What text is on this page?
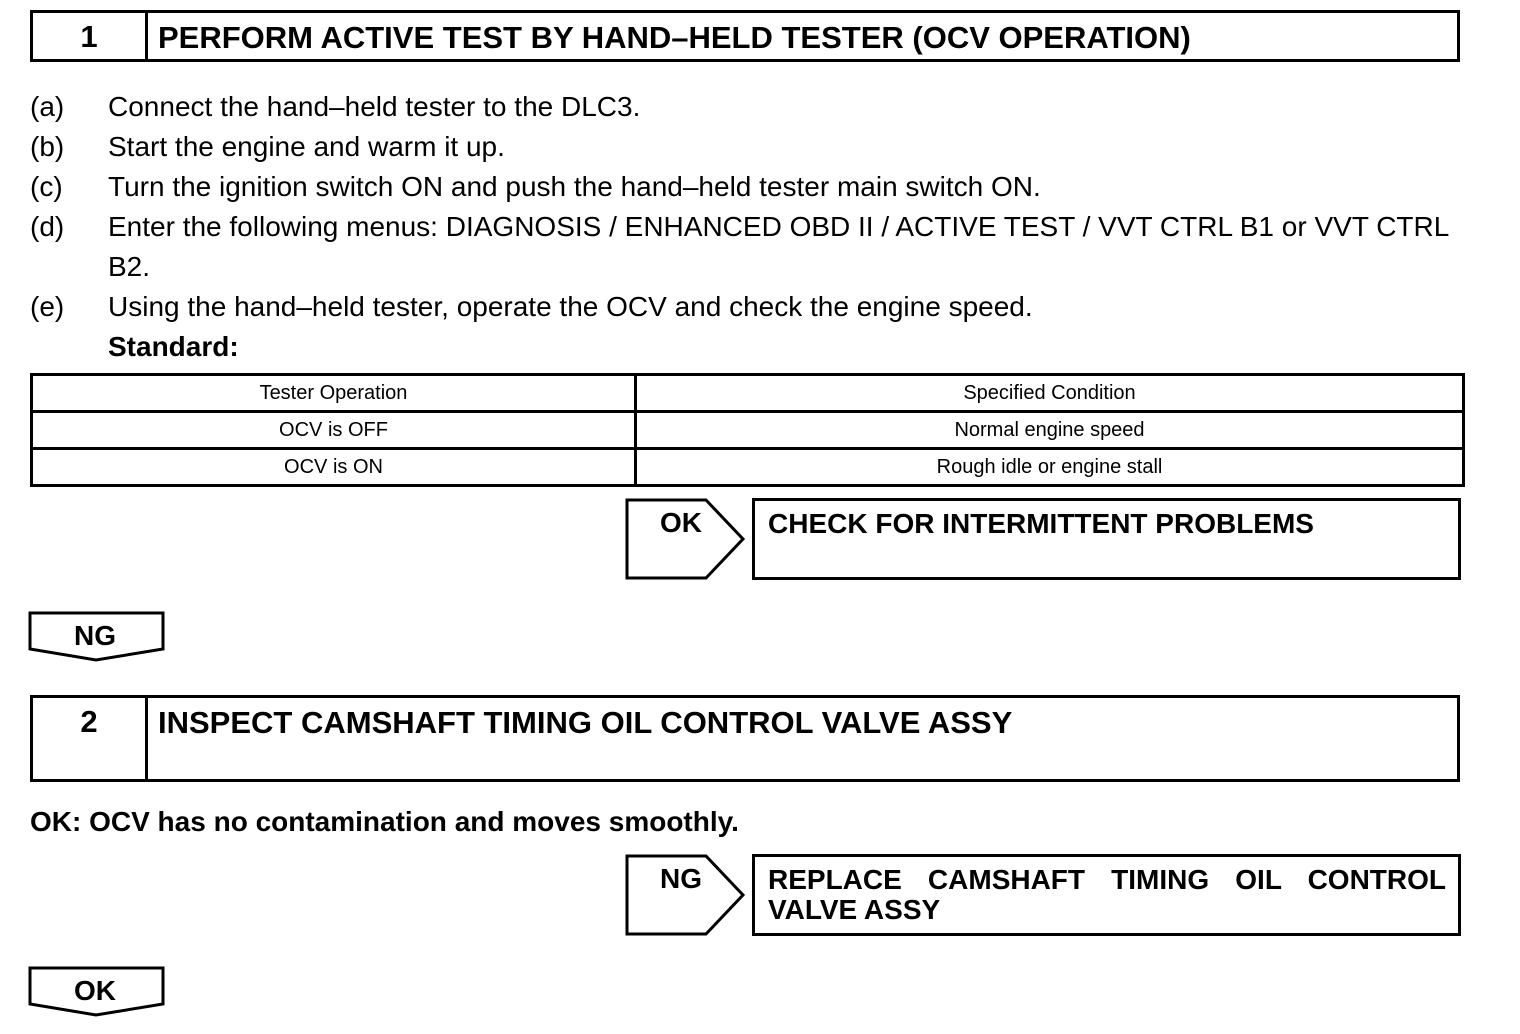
1	PERFORM ACTIVE TEST BY HAND–HELD TESTER (OCV OPERATION)
(a) Connect the hand–held tester to the DLC3.
(b) Start the engine and warm it up.
(c) Turn the ignition switch ON and push the hand–held tester main switch ON.
(d) Enter the following menus: DIAGNOSIS / ENHANCED OBD II / ACTIVE TEST / VVT CTRL B1 or VVT CTRL B2.
(e) Using the hand–held tester, operate the OCV and check the engine speed.
Standard:
Tester Operation	Specified Condition
OCV is OFF	Normal engine speed
OCV is ON	Rough idle or engine stall
OK	CHECK FOR INTERMITTENT PROBLEMS
NG
2	INSPECT CAMSHAFT TIMING OIL CONTROL VALVE ASSY
OK: OCV has no contamination and moves smoothly.
NG	REPLACE CAMSHAFT TIMING OIL CONTROL VALVE ASSY
OK
